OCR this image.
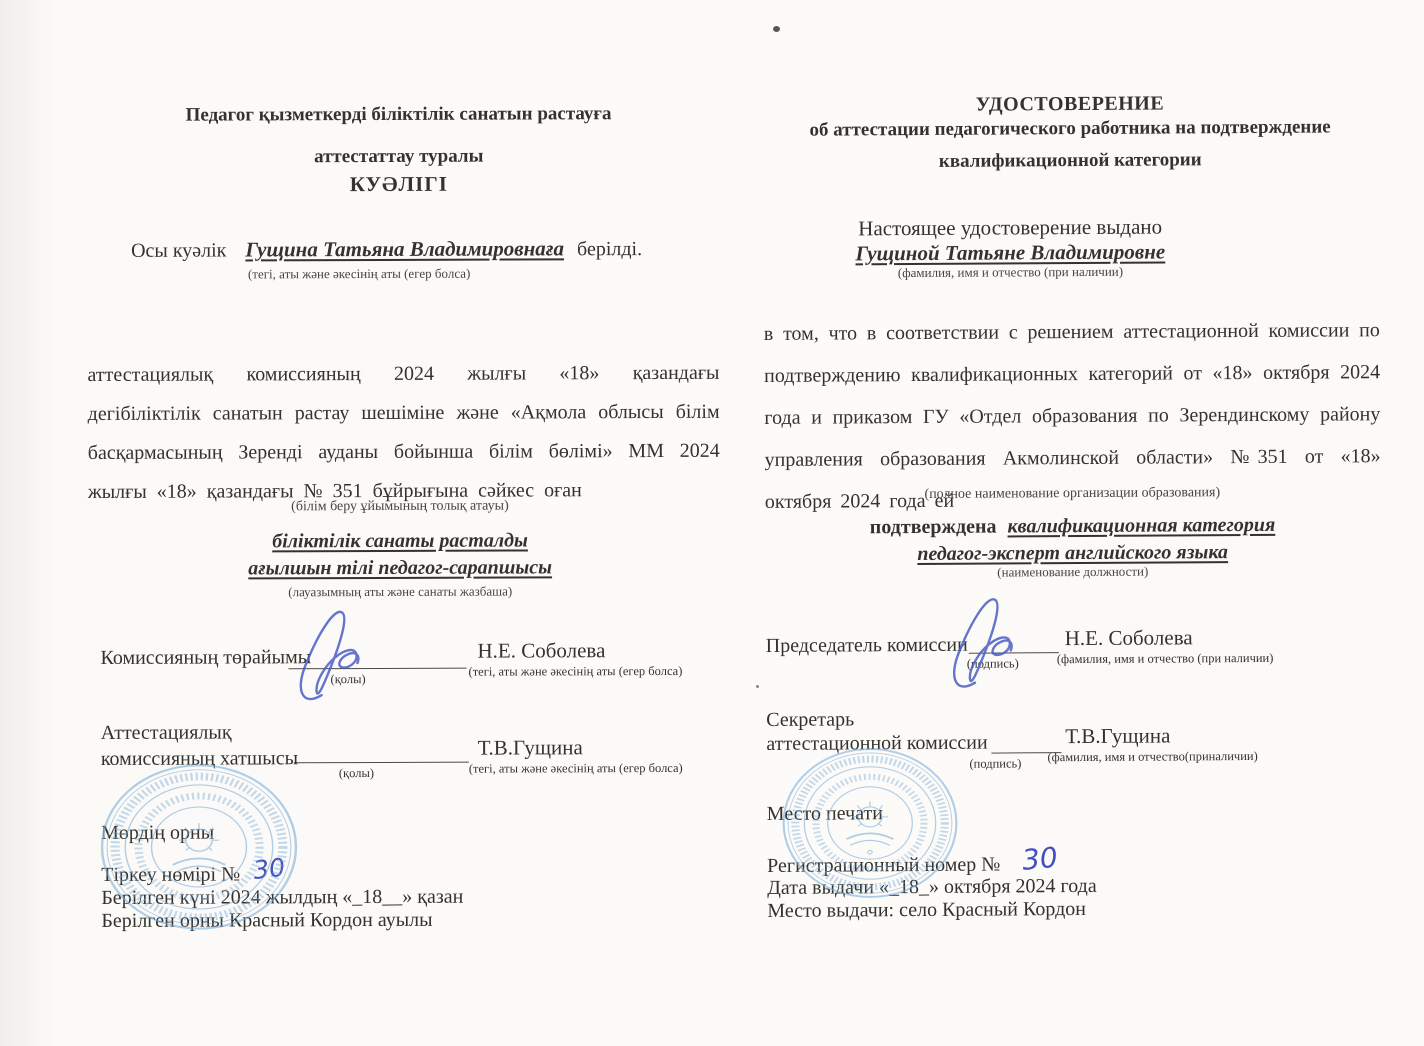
Педагог қызметкерді біліктілік санатын растауға
аттестаттау туралы
КУӘЛІГІ
Осы куәлік Гущина Татьяна Владимировнаға берілді.
(тегі, аты және әкесінің аты (егер болса)
аттестациялық комиссияның 2024 жылғы «18» қазандағы дегібіліктілік санатын растау шешіміне және «Ақмола облысы білім басқармасының Зеренді ауданы бойынша білім бөлімі» ММ 2024 жылғы «18» қазандағы № 351 бұйрығына сәйкес оған
(білім беру ұйымының толық атауы)
біліктілік санаты расталды
ағылшын тілі педагог-сарапшысы
(лауазымның аты және санаты жазбаша)
Комиссияның төрайымы
(қолы)
Н.Е. Соболева
(тегі, аты және әкесінің аты (егер болса)
Аттестациялық
комиссияның хатшысы
(қолы)
Т.В.Гущина
(тегі, аты және әкесінің аты (егер болса)
Мөрдің орны
Тіркеу нөмірі № 30
Берілген күні 2024 жылдың «_18__» қазан
Берілген орны Красный Кордон ауылы
УДОСТОВЕРЕНИЕ
об аттестации педагогического работника на подтверждение
квалификационной категории
Настоящее удостоверение выдано
Гущиной Татьяне Владимировне
(фамилия, имя и отчество (при наличии)
в том, что в соответствии с решением аттестационной комиссии по подтверждению квалификационных категорий от «18» октября 2024 года и приказом ГУ «Отдел образования по Зерендинскому району управления образования Акмолинской области» №351 от «18» октября 2024 года ей
(полное наименование организации образования)
подтверждена квалификационная категория
педагог-эксперт английского языка
(наименование должности)
Председатель комиссии
(подпись)
Н.Е. Соболева
(фамилия, имя и отчество (при наличии)
Секретарь
аттестационной комиссии
(подпись)
Т.В.Гущина
(фамилия, имя и отчество(приналичии)
Место печати
Регистрационный номер № 30
Дата выдачи «_18_» октября 2024 года
Место выдачи: село Красный Кордон
